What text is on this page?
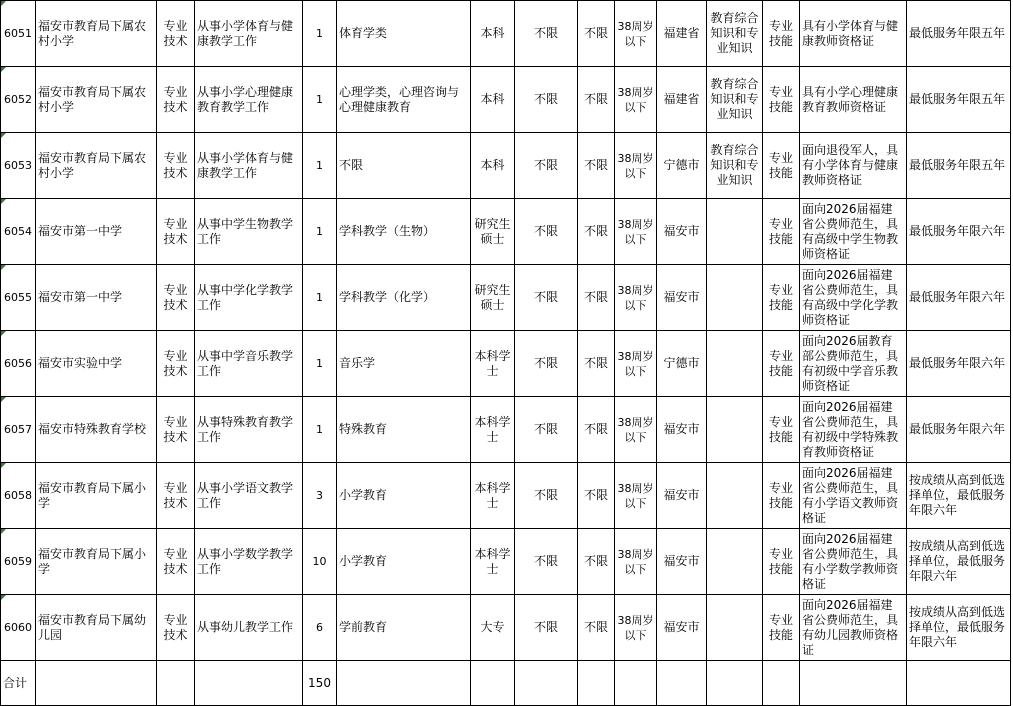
6051	福安市教育局下属农村小学	专业技术	从事小学体育与健康教学工作	1	体育学类	本科	不限	不限	38周岁以下	福建省	教育综合知识和专业知识	专业技能	具有小学体育与健康教师资格证	最低服务年限五年
6052	福安市教育局下属农村小学	专业技术	从事小学心理健康教育教学工作	1	心理学类，心理咨询与心理健康教育	本科	不限	不限	38周岁以下	福建省	教育综合知识和专业知识	专业技能	具有小学心理健康教育教师资格证	最低服务年限五年
6053	福安市教育局下属农村小学	专业技术	从事小学体育与健康教学工作	1	不限	本科	不限	不限	38周岁以下	宁德市	教育综合知识和专业知识	专业技能	面向退役军人，具有小学体育与健康教师资格证	最低服务年限五年
6054	福安市第一中学	专业技术	从事中学生物教学工作	1	学科教学（生物）	研究生硕士	不限	不限	38周岁以下	福安市		专业技能	面向2026届福建省公费师范生，具有高级中学生物教师资格证	最低服务年限六年
6055	福安市第一中学	专业技术	从事中学化学教学工作	1	学科教学（化学）	研究生硕士	不限	不限	38周岁以下	福安市		专业技能	面向2026届福建省公费师范生，具有高级中学化学教师资格证	最低服务年限六年
6056	福安市实验中学	专业技术	从事中学音乐教学工作	1	音乐学	本科学士	不限	不限	38周岁以下	宁德市		专业技能	面向2026届教育部公费师范生，具有初级中学音乐教师资格证	最低服务年限六年
6057	福安市特殊教育学校	专业技术	从事特殊教育教学工作	1	特殊教育	本科学士	不限	不限	38周岁以下	福安市		专业技能	面向2026届福建省公费师范生，具有初级中学特殊教育教师资格证	最低服务年限六年
6058	福安市教育局下属小学	专业技术	从事小学语文教学工作	3	小学教育	本科学士	不限	不限	38周岁以下	福安市		专业技能	面向2026届福建省公费师范生，具有小学语文教师资格证	按成绩从高到低选择单位，最低服务年限六年
6059	福安市教育局下属小学	专业技术	从事小学数学教学工作	10	小学教育	本科学士	不限	不限	38周岁以下	福安市		专业技能	面向2026届福建省公费师范生，具有小学数学教师资格证	按成绩从高到低选择单位，最低服务年限六年
6060	福安市教育局下属幼儿园	专业技术	从事幼儿教学工作	6	学前教育	大专	不限	不限	38周岁以下	福安市		专业技能	面向2026届福建省公费师范生，具有幼儿园教师资格证	按成绩从高到低选择单位，最低服务年限六年
合计				150										
